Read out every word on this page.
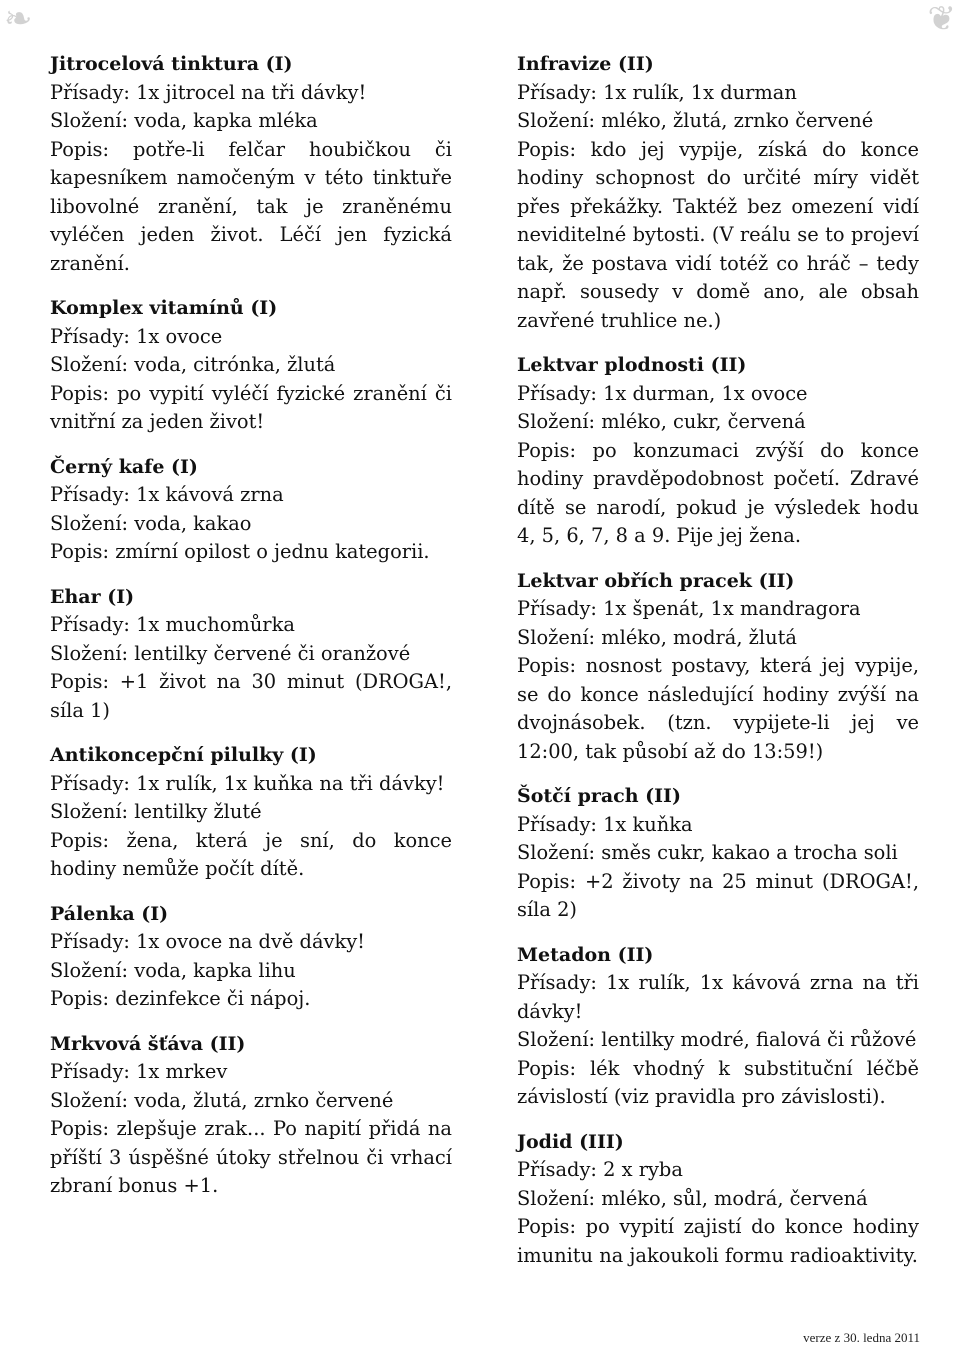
❧	❦
Jitrocelová tinktura (I)
Přísady: 1x jitrocel na tři dávky!
Složení: voda, kapka mléka
Popis: potře-li felčar houbičkou či kapesníkem namočeným v této tinktuře libovolné zranění, tak je zraněnému vyléčen jeden život. Léčí jen fyzická zranění.
Komplex vitamínů (I)
Přísady: 1x ovoce
Složení: voda, citrónka, žlutá
Popis: po vypití vyléčí fyzické zranění či vnitřní za jeden život!
Černý kafe (I)
Přísady: 1x kávová zrna
Složení: voda, kakao
Popis: zmírní opilost o jednu kategorii.
Ehar (I)
Přísady: 1x muchomůrka
Složení: lentilky červené či oranžové
Popis: +1 život na 30 minut (DROGA!, síla 1)
Antikoncepční pilulky (I)
Přísady: 1x rulík, 1x kuňka na tři dávky!
Složení: lentilky žluté
Popis: žena, která je sní, do konce hodiny nemůže počít dítě.
Pálenka (I)
Přísady: 1x ovoce na dvě dávky!
Složení: voda, kapka lihu
Popis: dezinfekce či nápoj.
Mrkvová šťáva (II)
Přísady: 1x mrkev
Složení: voda, žlutá, zrnko červené
Popis: zlepšuje zrak... Po napití přidá na příští 3 úspěšné útoky střelnou či vrhací zbraní bonus +1.
Infravize (II)
Přísady: 1x rulík, 1x durman
Složení: mléko, žlutá, zrnko červené
Popis: kdo jej vypije, získá do konce hodiny schopnost do určité míry vidět přes překážky. Taktéž bez omezení vidí neviditelné bytosti. (V reálu se to projeví tak, že postava vidí totéž co hráč – tedy např. sousedy v domě ano, ale obsah zavřené truhlice ne.)
Lektvar plodnosti (II)
Přísady: 1x durman, 1x ovoce
Složení: mléko, cukr, červená
Popis: po konzumaci zvýší do konce hodiny pravděpodobnost početí. Zdravé dítě se narodí, pokud je výsledek hodu 4, 5, 6, 7, 8 a 9. Pije jej žena.
Lektvar obřích pracek (II)
Přísady: 1x špenát, 1x mandragora
Složení: mléko, modrá, žlutá
Popis: nosnost postavy, která jej vypije, se do konce následující hodiny zvýší na dvojnásobek. (tzn. vypijete-li jej ve 12:00, tak působí až do 13:59!)
Šotčí prach (II)
Přísady: 1x kuňka
Složení: směs cukr, kakao a trocha soli
Popis: +2 životy na 25 minut (DROGA!, síla 2)
Metadon (II)
Přísady: 1x rulík, 1x kávová zrna na tři dávky!
Složení: lentilky modré, fialová či růžové
Popis: lék vhodný k substituční léčbě závislostí (viz pravidla pro závislosti).
Jodid (III)
Přísady: 2 x ryba
Složení: mléko, sůl, modrá, červená
Popis: po vypití zajistí do konce hodiny imunitu na jakoukoli formu radioaktivity.
verze z 30. ledna 2011
